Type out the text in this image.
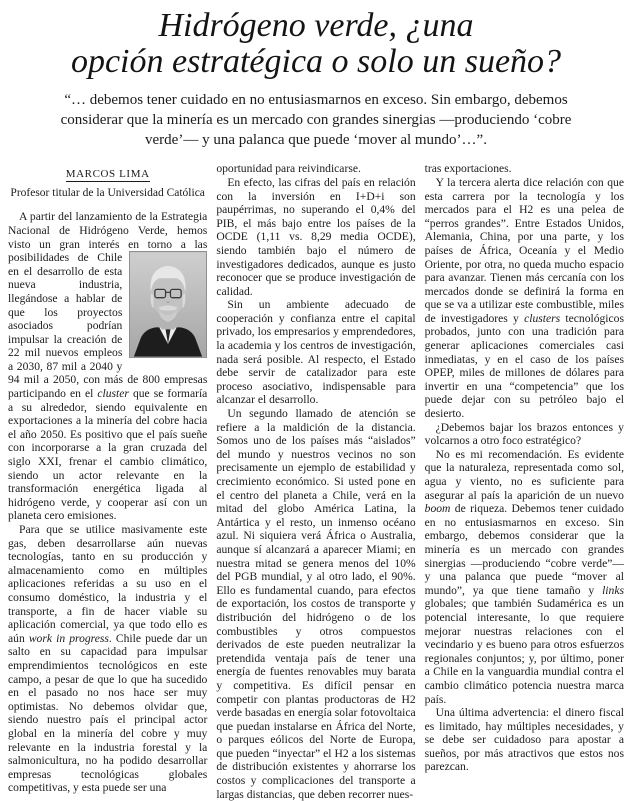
Hidrógeno verde, ¿una
opción estratégica o solo un sueño?
“… debemos tener cuidado en no entusiasmarnos en exceso. Sin embargo, debemos considerar que la minería es un mercado con grandes sinergias —produciendo ‘cobre verde’— y una palanca que puede ‘mover al mundo’…”.
MARCOS LIMA
Profesor titular de la Universidad Católica

A partir del lanzamiento de la Estrategia Nacional de Hidrógeno Verde, hemos visto un gran interés en torno a las posibilidades de Chile en el desarrollo de esta nueva industria, llegándose a hablar de que los proyectos asociados podrían impulsar la creación de 22 mil nuevos empleos a 2030, 87 mil a 2040 y 94 mil a 2050, con más de 800 empresas participando en el cluster que se formaría a su alrededor, siendo equivalente en exportaciones a la minería del cobre hacia el año 2050. Es positivo que el país sueñe con incorporarse a la gran cruzada del siglo XXI, frenar el cambio climático, siendo un actor relevante en la transformación energética ligada al hidrógeno verde, y cooperar así con un planeta cero emisiones.

Para que se utilice masivamente este gas, deben desarrollarse aún nuevas tecnologías, tanto en su producción y almacenamiento como en múltiples aplicaciones referidas a su uso en el consumo doméstico, la industria y el transporte, a fin de hacer viable su aplicación comercial, ya que todo ello es aún work in progress. Chile puede dar un salto en su capacidad para impulsar emprendimientos tecnológicos en este campo, a pesar de que lo que ha sucedido en el pasado no nos hace ser muy optimistas. No debemos olvidar que, siendo nuestro país el principal actor global en la minería del cobre y muy relevante en la industria forestal y la salmonicultura, no ha podido desarrollar empresas tecnológicas globales competitivas, y esta puede ser una

oportunidad para reivindicarse.

En efecto, las cifras del país en relación con la inversión en I+D+i son paupérrimas, no superando el 0,4% del PIB, el más bajo entre los países de la OCDE (1,11 vs. 8,29 media OCDE), siendo también bajo el número de investigadores dedicados, aunque es justo reconocer que se produce investigación de calidad.

Sin un ambiente adecuado de cooperación y confianza entre el capital privado, los empresarios y emprendedores, la academia y los centros de investigación, nada será posible. Al respecto, el Estado debe servir de catalizador para este proceso asociativo, indispensable para alcanzar el desarrollo.

Un segundo llamado de atención se refiere a la maldición de la distancia. Somos uno de los países más “aislados” del mundo y nuestros vecinos no son precisamente un ejemplo de estabilidad y crecimiento económico. Si usted pone en el centro del planeta a Chile, verá en la mitad del globo América Latina, la Antártica y el resto, un inmenso océano azul. Ni siquiera verá África o Australia, aunque sí alcanzará a aparecer Miami; en nuestra mitad se genera menos del 10% del PGB mundial, y al otro lado, el 90%. Ello es fundamental cuando, para efectos de exportación, los costos de transporte y distribución del hidrógeno o de los combustibles y otros compuestos derivados de este pueden neutralizar la pretendida ventaja país de tener una energía de fuentes renovables muy barata y competitiva. Es difícil pensar en competir con plantas productoras de H2 verde basadas en energía solar fotovoltaica que puedan instalarse en África del Norte, o parques eólicos del Norte de Europa, que pueden “inyectar” el H2 a los sistemas de distribución existentes y ahorrarse los costos y complicaciones del transporte a largas distancias, que deben recorrer nues-

tras exportaciones.

Y la tercera alerta dice relación con que esta carrera por la tecnología y los mercados para el H2 es una pelea de “perros grandes”. Entre Estados Unidos, Alemania, China, por una parte, y los países de África, Oceanía y el Medio Oriente, por otra, no queda mucho espacio para avanzar. Tienen más cercanía con los mercados donde se definirá la forma en que se va a utilizar este combustible, miles de investigadores y clusters tecnológicos probados, junto con una tradición para generar aplicaciones comerciales casi inmediatas, y en el caso de los países OPEP, miles de millones de dólares para invertir en una “competencia” que los puede dejar con su petróleo bajo el desierto.

¿Debemos bajar los brazos entonces y volcarnos a otro foco estratégico?

No es mi recomendación. Es evidente que la naturaleza, representada como sol, agua y viento, no es suficiente para asegurar al país la aparición de un nuevo boom de riqueza. Debemos tener cuidado en no entusiasmarnos en exceso. Sin embargo, debemos considerar que la minería es un mercado con grandes sinergias —produciendo “cobre verde”— y una palanca que puede “mover al mundo”, ya que tiene tamaño y links globales; que también Sudamérica es un potencial interesante, lo que requiere mejorar nuestras relaciones con el vecindario y es bueno para otros esfuerzos regionales conjuntos; y, por último, poner a Chile en la vanguardia mundial contra el cambio climático potencia nuestra marca país.

Una última advertencia: el dinero fiscal es limitado, hay múltiples necesidades, y se debe ser cuidadoso para apostar a sueños, por más atractivos que estos nos parezcan.
